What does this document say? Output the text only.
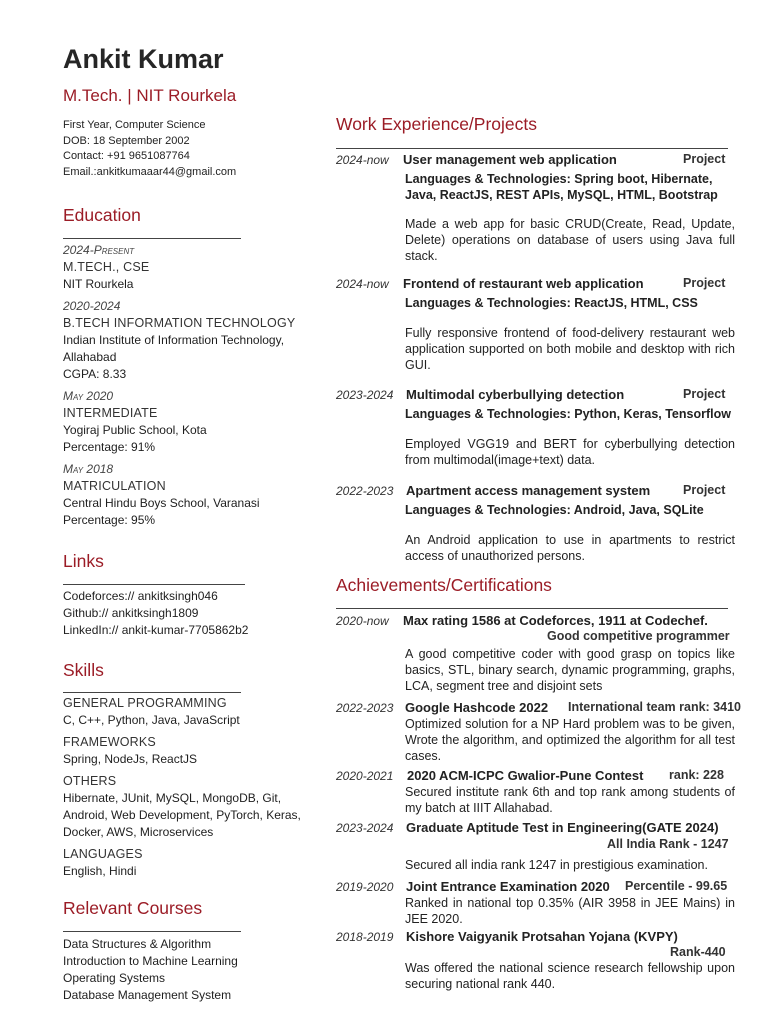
Ankit Kumar
M.Tech. | NIT Rourkela
First Year, Computer Science
DOB: 18 September 2002
Contact: +91 9651087764
Email.:ankitkumaaar44@gmail.com
Education
2024-Present
M.TECH., CSE
NIT Rourkela
2020-2024
B.TECH INFORMATION TECHNOLOGY
Indian Institute of Information Technology,
Allahabad
CGPA: 8.33
May 2020
INTERMEDIATE
Yogiraj Public School, Kota
Percentage: 91%
May 2018
MATRICULATION
Central Hindu Boys School, Varanasi
Percentage: 95%
Links
Codeforces:// ankitksingh046
Github:// ankitksingh1809
LinkedIn:// ankit-kumar-7705862b2
Skills
GENERAL PROGRAMMING
C, C++, Python, Java, JavaScript
FRAMEWORKS
Spring, NodeJs, ReactJS
OTHERS
Hibernate, JUnit, MySQL, MongoDB, Git, Android, Web Development, PyTorch, Keras, Docker, AWS, Microservices
LANGUAGES
English, Hindi
Relevant Courses
Data Structures & Algorithm
Introduction to Machine Learning
Operating Systems
Database Management System
Work Experience/Projects
2024-now User management web application	Project
Languages & Technologies: Spring boot, Hibernate, Java, ReactJS, REST APIs, MySQL, HTML, Bootstrap
Made a web app for basic CRUD(Create, Read, Update, Delete) operations on database of users using Java full stack.
2024-now Frontend of restaurant web application	Project
Languages & Technologies: ReactJS, HTML, CSS
Fully responsive frontend of food-delivery restaurant web application supported on both mobile and desktop with rich GUI.
2023-2024 Multimodal cyberbullying detection	Project
Languages & Technologies: Python, Keras, Tensorflow
Employed VGG19 and BERT for cyberbullying detection from multimodal(image+text) data.
2022-2023 Apartment access management system	Project
Languages & Technologies: Android, Java, SQLite
An Android application to use in apartments to restrict access of unauthorized persons.
Achievements/Certifications
2020-now Max rating 1586 at Codeforces, 1911 at Codechef.
Good competitive programmer
A good competitive coder with good grasp on topics like basics, STL, binary search, dynamic programming, graphs, LCA, segment tree and disjoint sets
2022-2023 Google Hashcode 2022 International team rank: 3410
Optimized solution for a NP Hard problem was to be given, Wrote the algorithm, and optimized the algorithm for all test cases.
2020-2021 2020 ACM-ICPC Gwalior-Pune Contest rank: 228
Secured institute rank 6th and top rank among students of my batch at IIIT Allahabad.
2023-2024 Graduate Aptitude Test in Engineering(GATE 2024)
All India Rank - 1247
Secured all india rank 1247 in prestigious examination.
2019-2020 Joint Entrance Examination 2020 Percentile - 99.65
Ranked in national top 0.35% (AIR 3958 in JEE Mains) in JEE 2020.
2018-2019 Kishore Vaigyanik Protsahan Yojana (KVPY)
Rank-440
Was offered the national science research fellowship upon securing national rank 440.
